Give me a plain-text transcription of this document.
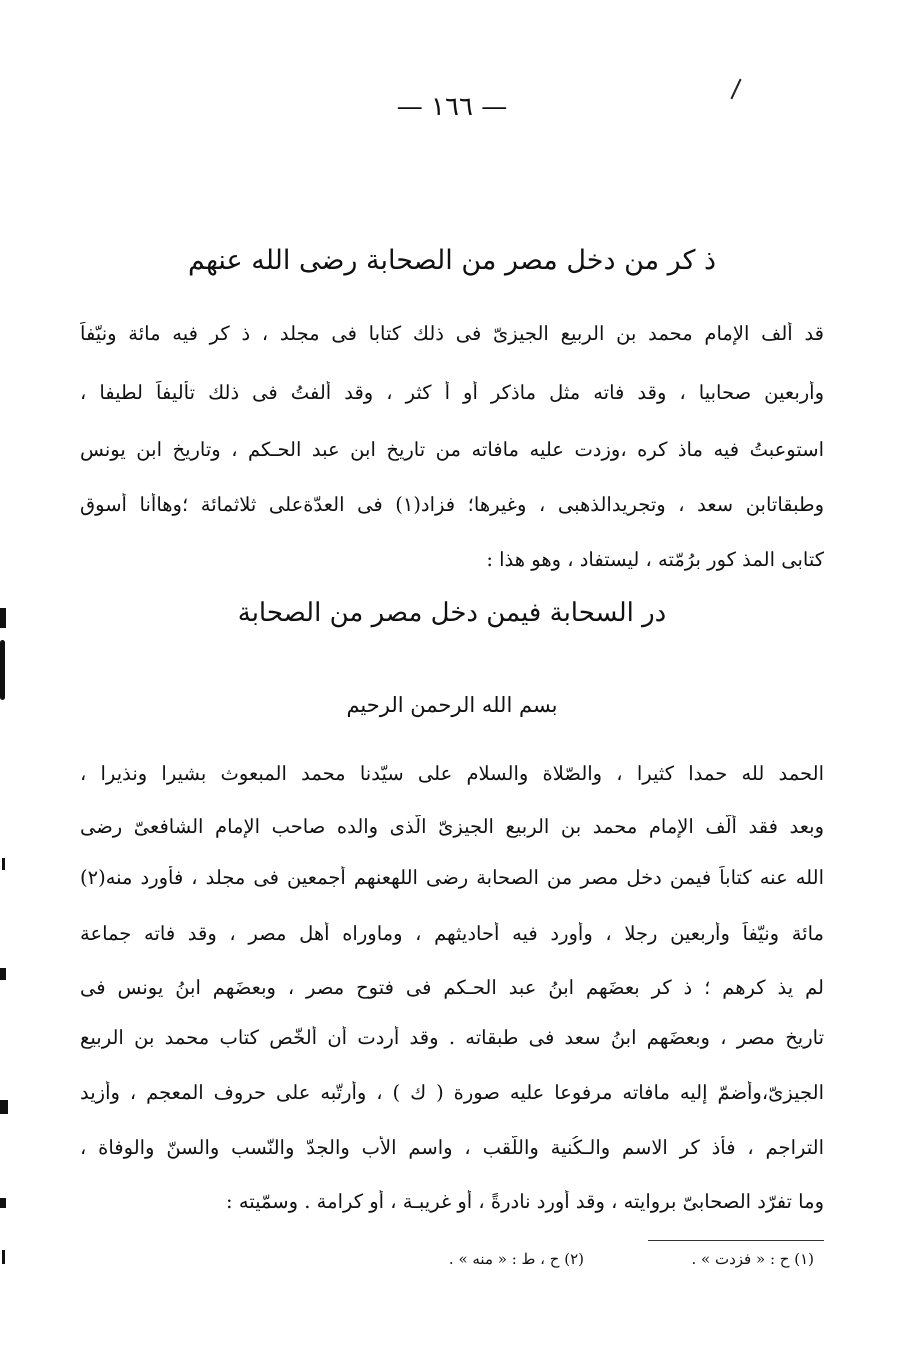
— ١٦٦ —
ذ كر من دخل مصر من الصحابة رضى الله عنهم
قد ألف الإمام محمد بن الربيع الجيزىّ فى ذلك كتابا فى مجلد ، ذ كر فيه مائة ونيّفاً
وأربعين صحابيا ، وقد فاته مثل ماذكر أو أ كثر ، وقد ألفتُ فى ذلك تأليفاً لطيفا ،
استوعبتُ فيه ماذ كره ،وزدت عليه مافاته من تاريخ ابن عبد الحـكم ، وتاريخ ابن يونس
وطبقاتابن سعد ، وتجريدالذهبى ، وغيرها؛ فزاد(١) فى العدّةعلى ثلاثمائة ؛وهاأنا أسوق
كتابى المذ كور برُمّته ، ليستفاد ، وهو هذا :
در السحابة فيمن دخل مصر من الصحابة
بسم الله الرحمن الرحيم
الحمد لله حمدا كثيرا ، والصّلاة والسلام على سيّدنا محمد المبعوث بشيرا ونذيرا ،
وبعد فقد ألّف الإمام محمد بن الربيع الجيزىّ الّذى والده صاحب الإمام الشافعىّ رضى
الله عنه كتاباً فيمن دخل مصر من الصحابة رضى اللهعنهم أجمعين فى مجلد ، فأورد منه(٢)
مائة ونيّفاً وأربعين رجلا ، وأورد فيه أحاديثهم ، وماوراه أهل مصر ، وقد فاته جماعة
لم يذ كرهم ؛ ذ كر بعضَهم ابنُ عبد الحـكم فى فتوح مصر ، وبعضَهم ابنُ يونس فى
تاريخ مصر ، وبعضَهم ابنُ سعد فى طبقاته . وقد أردت أن ألخّص كتاب محمد بن الربيع
الجيزىّ،وأضمّ إليه مافاته مرفوعا عليه صورة ( ك ) ، وأرتّبه على حروف المعجم ، وأزيد
التراجم ، فأذ كر الاسم والـكُنية واللّقب ، واسم الأب والجدّ والنّسب والسنّ والوفاة ،
وما تفرّد الصحابىّ بروايته ، وقد أورِد نادرةً ، أو غريبـة ، أو كرامة . وسمّيته :
(١) ح : « فزدت » .
(٢) ح ، ط : « منه » .
